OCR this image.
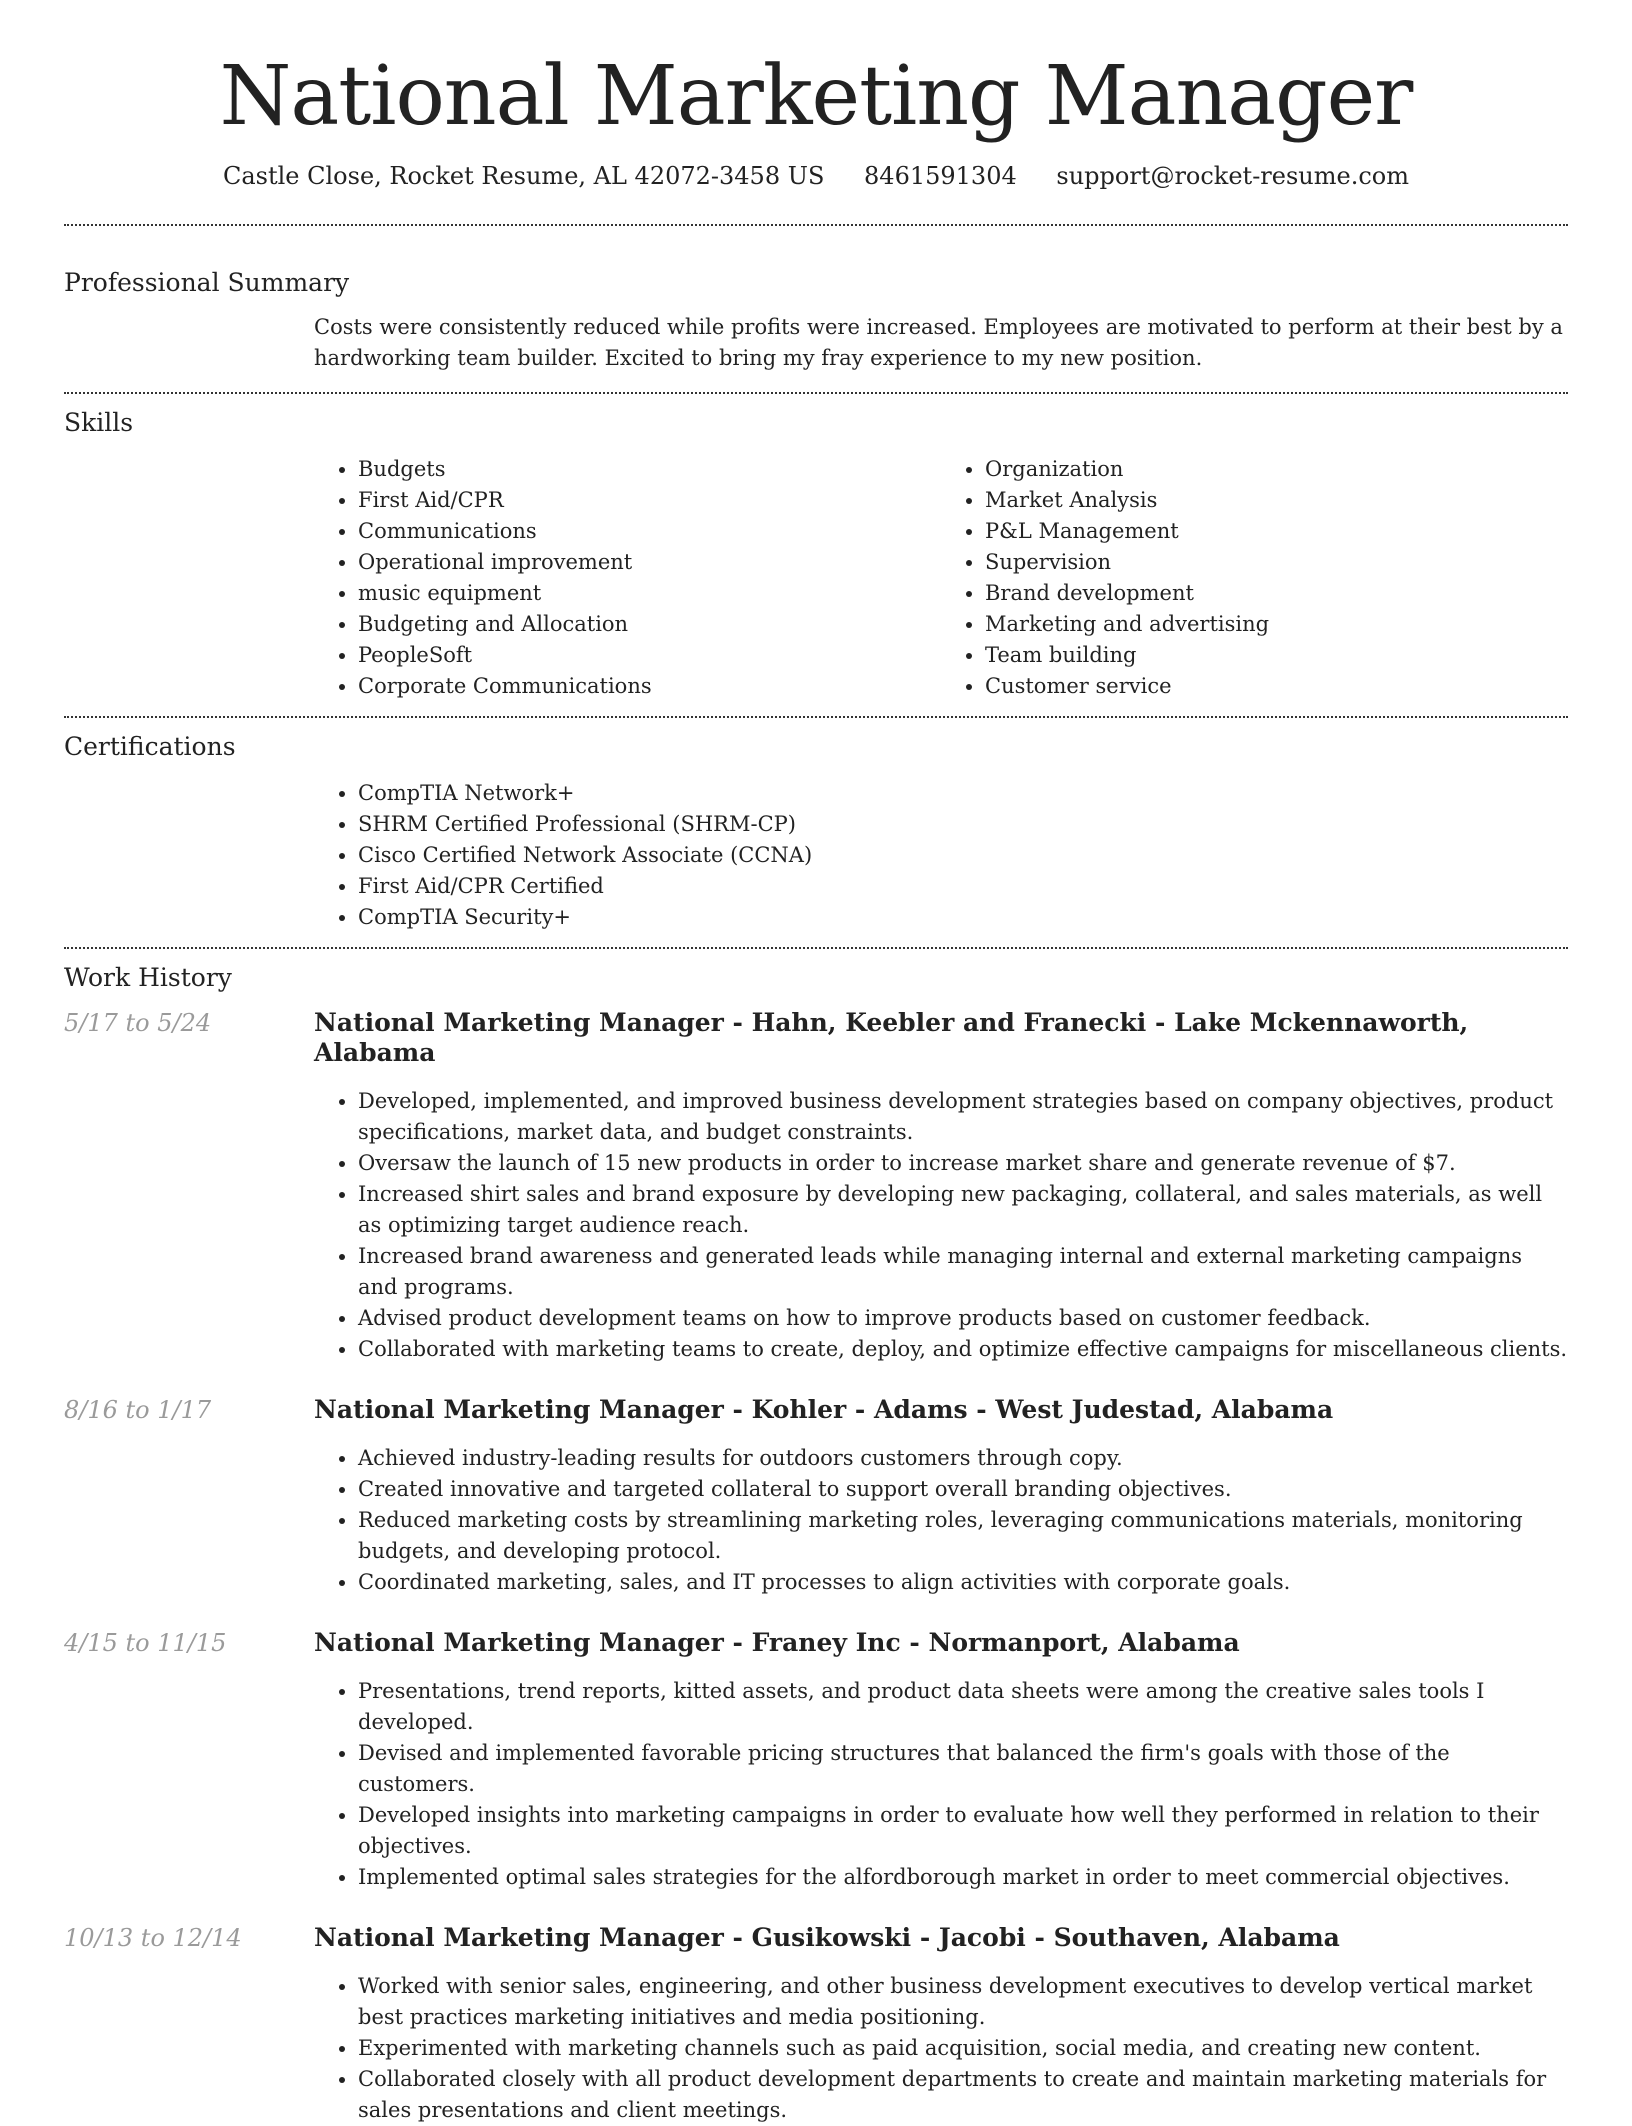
National Marketing Manager
Castle Close, Rocket Resume, AL 42072-3458 US 8461591304 support@rocket-resume.com
Professional Summary

Costs were consistently reduced while profits were increased. Employees are motivated to perform at their best by a hardworking team builder. Excited to bring my fray experience to my new position.

Skills
• Budgets
• First Aid/CPR
• Communications
• Operational improvement
• music equipment
• Budgeting and Allocation
• PeopleSoft
• Corporate Communications
• Organization
• Market Analysis
• P&L Management
• Supervision
• Brand development
• Marketing and advertising
• Team building
• Customer service
Certifications
• CompTIA Network+
• SHRM Certified Professional (SHRM-CP)
• Cisco Certified Network Associate (CCNA)
• First Aid/CPR Certified
• CompTIA Security+
Work History
5/17 to 5/24	National Marketing Manager - Hahn, Keebler and Franecki - Lake Mckennaworth, Alabama
• Developed, implemented, and improved business development strategies based on company objectives, product specifications, market data, and budget constraints.
• Oversaw the launch of 15 new products in order to increase market share and generate revenue of $7.
• Increased shirt sales and brand exposure by developing new packaging, collateral, and sales materials, as well as optimizing target audience reach.
• Increased brand awareness and generated leads while managing internal and external marketing campaigns and programs.
• Advised product development teams on how to improve products based on customer feedback.
• Collaborated with marketing teams to create, deploy, and optimize effective campaigns for miscellaneous clients.
8/16 to 1/17	National Marketing Manager - Kohler - Adams - West Judestad, Alabama
• Achieved industry-leading results for outdoors customers through copy.
• Created innovative and targeted collateral to support overall branding objectives.
• Reduced marketing costs by streamlining marketing roles, leveraging communications materials, monitoring budgets, and developing protocol.
• Coordinated marketing, sales, and IT processes to align activities with corporate goals.
4/15 to 11/15	National Marketing Manager - Franey Inc - Normanport, Alabama
• Presentations, trend reports, kitted assets, and product data sheets were among the creative sales tools I developed.
• Devised and implemented favorable pricing structures that balanced the firm's goals with those of the customers.
• Developed insights into marketing campaigns in order to evaluate how well they performed in relation to their objectives.
• Implemented optimal sales strategies for the alfordborough market in order to meet commercial objectives.
10/13 to 12/14	National Marketing Manager - Gusikowski - Jacobi - Southaven, Alabama
• Worked with senior sales, engineering, and other business development executives to develop vertical market best practices marketing initiatives and media positioning.
• Experimented with marketing channels such as paid acquisition, social media, and creating new content.
• Collaborated closely with all product development departments to create and maintain marketing materials for sales presentations and client meetings.
